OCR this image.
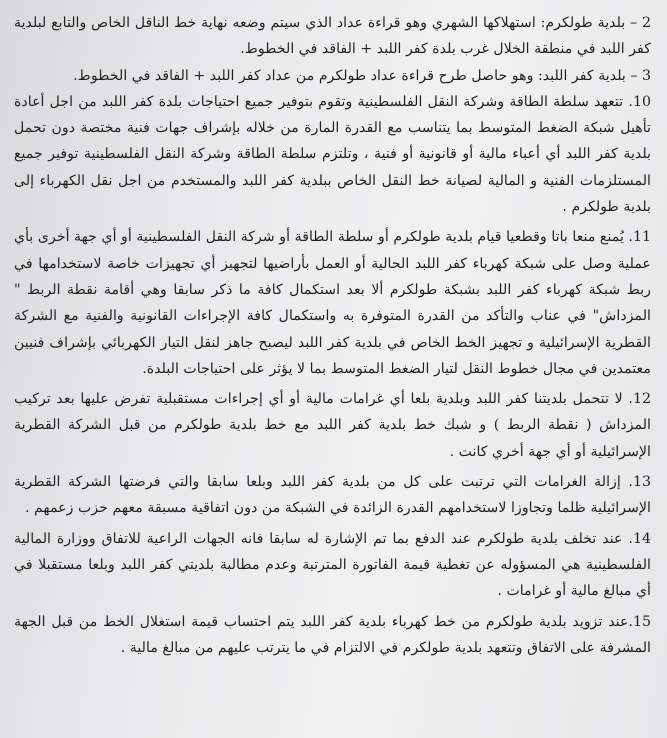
2 – بلدية طولكرم: استهلاكها الشهري وهو قراءة عداد الذي سيتم وضعه نهاية خط الناقل الخاص والتابع لبلدية كفر اللبد في منطقة الخلال غرب بلدة كفر اللبد + الفاقد في الخطوط.

3 – بلدية كفر اللبد: وهو حاصل طرح قراءة عداد طولكرم من عداد كفر اللبد + الفاقد في الخطوط.

10. تتعهد سلطة الطاقة وشركة النقل الفلسطينية وتقوم بتوفير جميع احتياجات بلدة كفر اللبد من اجل أعادة تأهيل شبكة الضغط المتوسط بما يتناسب مع القدرة المارة من خلاله بإشراف جهات فنية مختصة دون تحمل بلدية كفر اللبد أي أعباء مالية أو قانونية أو فنية ، وتلتزم سلطة الطاقة وشركة النقل الفلسطينية توفير جميع المستلزمات الفنية و المالية لصيانة خط النقل الخاص ببلدية كفر اللبد والمستخدم من اجل نقل الكهرباء إلى بلدية طولكرم .

11. يُمنع منعا باتا وقطعيا قيام بلدية طولكرم أو سلطة الطاقة أو شركة النقل الفلسطينية أو أي جهة أخرى بأي عملية وصل على شبكة كهرباء كفر اللبد الحالية أو العمل بأراضيها لتجهيز أي تجهيزات خاصة لاستخدامها في ربط شبكة كهرباء كفر اللبد بشبكة طولكرم ألا بعد استكمال كافة ما ذكر سابقا وهي أقامة نقطة الربط " المزداش" في عناب والتأكد من القدرة المتوفرة به واستكمال كافة الإجراءات القانونية والفنية مع الشركة القطرية الإسرائيلية و تجهيز الخط الخاص في بلدية كفر اللبد ليصبح جاهز لنقل التيار الكهربائي بإشراف فنيين معتمدين في مجال خطوط النقل لتيار الضغط المتوسط بما لا يؤثر على احتياجات البلدة.

12. لا تتحمل بلديتنا كفر اللبد وبلدية بلعا أي غرامات مالية أو أي إجراءات مستقبلية تفرض عليها بعد تركيب المزداش ( نقطة الربط ) و شبك خط بلدية كفر اللبد مع خط بلدية طولكرم من قبل الشركة القطرية الإسرائيلية أو أي جهة أخري كانت .

13. إزالة الغرامات التي ترتبت على كل من بلدية كفر اللبد وبلعا سابقا والتي فرضتها الشركة القطرية الإسرائيلية ظلما وتجاوزا لاستخدامهم القدرة الزائدة في الشبكة من دون اتفاقية مسبقة معهم حزب زعمهم .

14. عند تخلف بلدية طولكرم عند الدفع بما تم الإشارة له سابقا فانه الجهات الراعية للاتفاق ووزارة المالية الفلسطينية هي المسؤوله عن تغطية قيمة الفاتورة المترتبة وعدم مطالبة بلديتي كفر اللبد وبلعا مستقبلا في أي مبالغ مالية أو غرامات .

15.عند تزويد بلدية طولكرم من خط كهرباء بلدية كفر اللبد يتم احتساب قيمة استغلال الخط من قبل الجهة المشرفة على الاتفاق وتتعهد بلدية طولكرم في الالتزام في ما يترتب عليهم من مبالغ مالية .
